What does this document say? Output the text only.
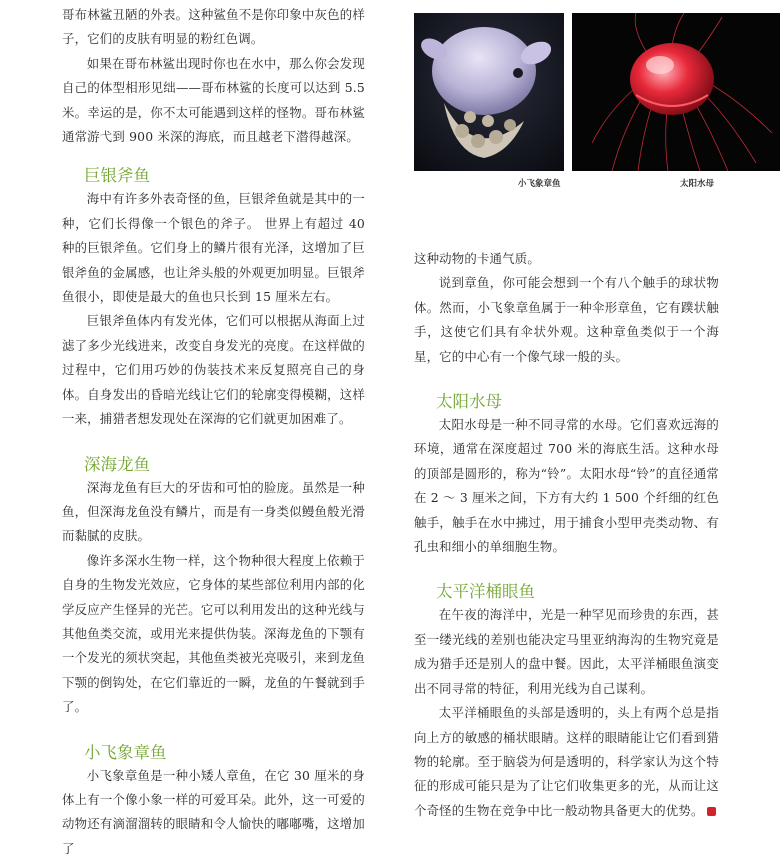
哥布林鲨丑陋的外表。这种鲨鱼不是你印象中灰色的样子，它们的皮肤有明显的粉红色调。

如果在哥布林鲨出现时你也在水中，那么你会发现自己的体型相形见绌——哥布林鲨的长度可以达到 5.5 米。幸运的是，你不太可能遇到这样的怪物。哥布林鲨通常游弋到 900 米深的海底，而且越老下潜得越深。

巨银斧鱼

海中有许多外表奇怪的鱼，巨银斧鱼就是其中的一种，它们长得像一个银色的斧子。 世界上有超过 40 种的巨银斧鱼。它们身上的鳞片很有光泽，这增加了巨银斧鱼的金属感，也让斧头般的外观更加明显。巨银斧鱼很小，即使是最大的鱼也只长到 15 厘米左右。

巨银斧鱼体内有发光体，它们可以根据从海面上过滤了多少光线进来，改变自身发光的亮度。在这样做的过程中，它们用巧妙的伪装技术来反复照亮自己的身体。自身发出的昏暗光线让它们的轮廓变得模糊，这样一来，捕猎者想发现处在深海的它们就更加困难了。

深海龙鱼

深海龙鱼有巨大的牙齿和可怕的脸庞。虽然是一种鱼，但深海龙鱼没有鳞片，而是有一身类似鳗鱼般光滑而黏腻的皮肤。

像许多深水生物一样，这个物种很大程度上依赖于自身的生物发光效应，它身体的某些部位利用内部的化学反应产生怪异的光芒。它可以利用发出的这种光线与其他鱼类交流，或用光来提供伪装。深海龙鱼的下颚有一个发光的须状突起，其他鱼类被光亮吸引，来到龙鱼下颚的倒钩处，在它们靠近的一瞬，龙鱼的午餐就到手了。

小飞象章鱼

小飞象章鱼是一种小矮人章鱼，在它 30 厘米的身体上有一个像小象一样的可爱耳朵。此外，这一可爱的动物还有滴溜溜转的眼睛和令人愉快的嘟嘟嘴，这增加了

小飞象章鱼	太阳水母

这种动物的卡通气质。

说到章鱼，你可能会想到一个有八个触手的球状物体。然而，小飞象章鱼属于一种伞形章鱼，它有蹼状触手，这使它们具有伞状外观。这种章鱼类似于一个海星，它的中心有一个像气球一般的头。

太阳水母

太阳水母是一种不同寻常的水母。它们喜欢远海的环境，通常在深度超过 700 米的海底生活。这种水母的顶部是圆形的，称为“铃”。太阳水母“铃”的直径通常在 2 ～ 3 厘米之间，下方有大约 1 500 个纤细的红色触手，触手在水中拂过，用于捕食小型甲壳类动物、有孔虫和细小的单细胞生物。

太平洋桶眼鱼

在午夜的海洋中，光是一种罕见而珍贵的东西，甚至一缕光线的差别也能决定马里亚纳海沟的生物究竟是成为猎手还是别人的盘中餐。因此，太平洋桶眼鱼演变出不同寻常的特征，利用光线为自己谋利。

太平洋桶眼鱼的头部是透明的，头上有两个总是指向上方的敏感的桶状眼睛。这样的眼睛能让它们看到猎物的轮廓。至于脑袋为何是透明的，科学家认为这个特征的形成可能只是为了让它们收集更多的光，从而让这个奇怪的生物在竞争中比一般动物具备更大的优势。
